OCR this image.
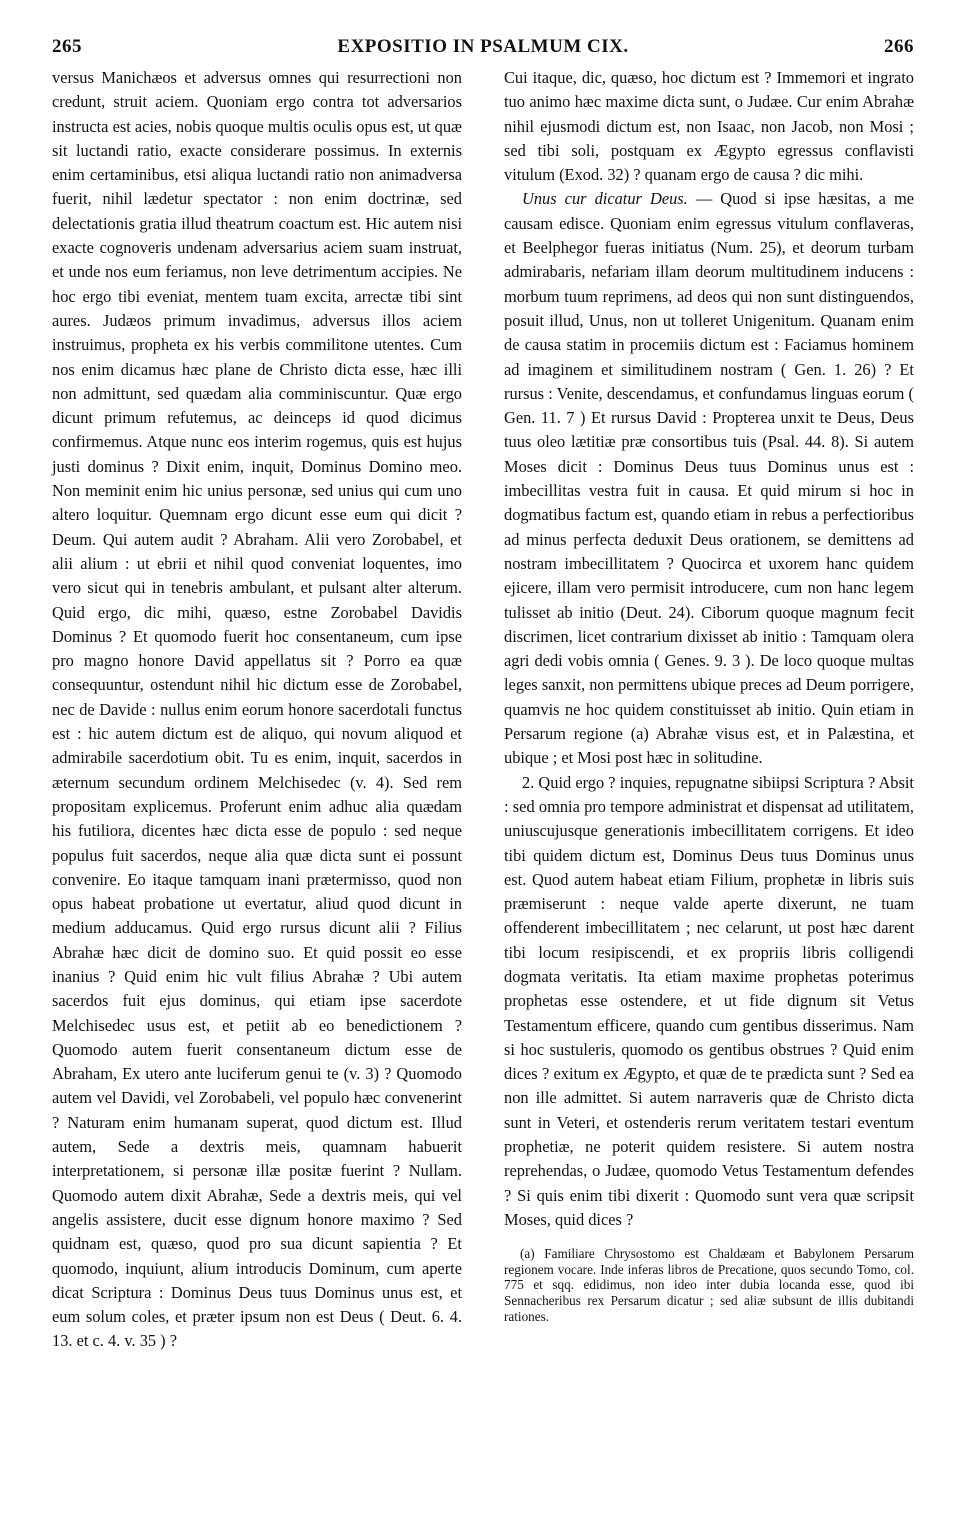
265	EXPOSITIO IN PSALMUM CIX.	266

versus Manichæos et adversus omnes qui resurrectioni non credunt, struit aciem. Quoniam ergo contra tot adversarios instructa est acies, nobis quoque multis oculis opus est, ut quæ sit luctandi ratio, exacte considerare possimus. In externis enim certaminibus, etsi aliqua luctandi ratio non animadversa fuerit, nihil lædetur spectator : non enim doctrinæ, sed delectationis gratia illud theatrum coactum est. Hic autem nisi exacte cognoveris undenam adversarius aciem suam instruat, et unde nos eum feriamus, non leve detrimentum accipies. Ne hoc ergo tibi eveniat, mentem tuam excita, arrectæ tibi sint aures. Judæos primum invadimus, adversus illos aciem instruimus, propheta ex his verbis commilitone utentes. Cum nos enim dicamus hæc plane de Christo dicta esse, hæc illi non admittunt, sed quædam alia comminiscuntur. Quæ ergo dicunt primum refutemus, ac deinceps id quod dicimus confirmemus. Atque nunc eos interim rogemus, quis est hujus justi dominus ? Dixit enim, inquit, Dominus Domino meo. Non meminit enim hic unius personæ, sed unius qui cum uno altero loquitur. Quemnam ergo dicunt esse eum qui dicit ? Deum. Qui autem audit ? Abraham. Alii vero Zorobabel, et alii alium : ut ebrii et nihil quod conveniat loquentes, imo vero sicut qui in tenebris ambulant, et pulsant alter alterum. Quid ergo, dic mihi, quæso, estne Zorobabel Davidis Dominus ? Et quomodo fuerit hoc consentaneum, cum ipse pro magno honore David appellatus sit ? Porro ea quæ consequuntur, ostendunt nihil hic dictum esse de Zorobabel, nec de Davide : nullus enim eorum honore sacerdotali functus est : hic autem dictum est de aliquo, qui novum aliquod et admirabile sacerdotium obit. Tu es enim, inquit, sacerdos in æternum secundum ordinem Melchisedec (v. 4). Sed rem propositam explicemus. Proferunt enim adhuc alia quædam his futiliora, dicentes hæc dicta esse de populo : sed neque populus fuit sacerdos, neque alia quæ dicta sunt ei possunt convenire. Eo itaque tamquam inani prætermisso, quod non opus habeat probatione ut evertatur, aliud quod dicunt in medium adducamus. Quid ergo rursus dicunt alii ? Filius Abrahæ hæc dicit de domino suo. Et quid possit eo esse inanius ? Quid enim hic vult filius Abrahæ ? Ubi autem sacerdos fuit ejus dominus, qui etiam ipse sacerdote Melchisedec usus est, et petiit ab eo benedictionem ? Quomodo autem fuerit consentaneum dictum esse de Abraham, Ex utero ante luciferum genui te (v. 3) ? Quomodo autem vel Davidi, vel Zorobabeli, vel populo hæc convenerint ? Naturam enim humanam superat, quod dictum est. Illud autem, Sede a dextris meis, quamnam habuerit interpretationem, si personæ illæ positæ fuerint ? Nullam. Quomodo autem dixit Abrahæ, Sede a dextris meis, qui vel angelis assistere, ducit esse dignum honore maximo ? Sed quidnam est, quæso, quod pro sua dicunt sapientia ? Et quomodo, inquiunt, alium introducis Dominum, cum aperte dicat Scriptura : Dominus Deus tuus Dominus unus est, et eum solum coles, et præter ipsum non est Deus ( Deut. 6. 4. 13. et c. 4. v. 35 ) ?

Cui itaque, dic, quæso, hoc dictum est ? Immemori et ingrato tuo animo hæc maxime dicta sunt, o Judæe. Cur enim Abrahæ nihil ejusmodi dictum est, non Isaac, non Jacob, non Mosi ; sed tibi soli, postquam ex Ægypto egressus conflavisti vitulum (Exod. 32) ? quanam ergo de causa ? dic mihi.

Unus cur dicatur Deus. — Quod si ipse hæsitas, a me causam edisce. Quoniam enim egressus vitulum conflaveras, et Beelphegor fueras initiatus (Num. 25), et deorum turbam admirabaris, nefariam illam deorum multitudinem inducens : morbum tuum reprimens, ad deos qui non sunt distinguendos, posuit illud, Unus, non ut tolleret Unigenitum. Quanam enim de causa statim in procemiis dictum est : Faciamus hominem ad imaginem et similitudinem nostram ( Gen. 1. 26) ? Et rursus : Venite, descendamus, et confundamus linguas eorum ( Gen. 11. 7 ) Et rursus David : Propterea unxit te Deus, Deus tuus oleo lætitiæ præ consortibus tuis (Psal. 44. 8). Si autem Moses dicit : Dominus Deus tuus Dominus unus est : imbecillitas vestra fuit in causa. Et quid mirum si hoc in dogmatibus factum est, quando etiam in rebus a perfectioribus ad minus perfecta deduxit Deus orationem, se demittens ad nostram imbecillitatem ? Quocirca et uxorem hanc quidem ejicere, illam vero permisit introducere, cum non hanc legem tulisset ab initio (Deut. 24). Ciborum quoque magnum fecit discrimen, licet contrarium dixisset ab initio : Tamquam olera agri dedi vobis omnia ( Genes. 9. 3 ). De loco quoque multas leges sanxit, non permittens ubique preces ad Deum porrigere, quamvis ne hoc quidem constituisset ab initio. Quin etiam in Persarum regione (a) Abrahæ visus est, et in Palæstina, et ubique ; et Mosi post hæc in solitudine.

2. Quid ergo ? inquies, repugnatne sibiipsi Scriptura ? Absit : sed omnia pro tempore administrat et dispensat ad utilitatem, uniuscujusque generationis imbecillitatem corrigens. Et ideo tibi quidem dictum est, Dominus Deus tuus Dominus unus est. Quod autem habeat etiam Filium, prophetæ in libris suis præmiserunt : neque valde aperte dixerunt, ne tuam offenderent imbecillitatem ; nec celarunt, ut post hæc darent tibi locum resipiscendi, et ex propriis libris colligendi dogmata veritatis. Ita etiam maxime prophetas poterimus prophetas esse ostendere, et ut fide dignum sit Vetus Testamentum efficere, quando cum gentibus disserimus. Nam si hoc sustuleris, quomodo os gentibus obstrues ? Quid enim dices ? exitum ex Ægypto, et quæ de te prædicta sunt ? Sed ea non ille admittet. Si autem narraveris quæ de Christo dicta sunt in Veteri, et ostenderis rerum veritatem testari eventum prophetiæ, ne poterit quidem resistere. Si autem nostra reprehendas, o Judæe, quomodo Vetus Testamentum defendes ? Si quis enim tibi dixerit : Quomodo sunt vera quæ scripsit Moses, quid dices ?

(a) Familiare Chrysostomo est Chaldæam et Babylonem Persarum regionem vocare. Inde inferas libros de Precatione, quos secundo Tomo, col. 775 et sqq. edidimus, non ideo inter dubia locanda esse, quod ibi Sennacheribus rex Persarum dicatur ; sed aliæ subsunt de illis dubitandi rationes.
